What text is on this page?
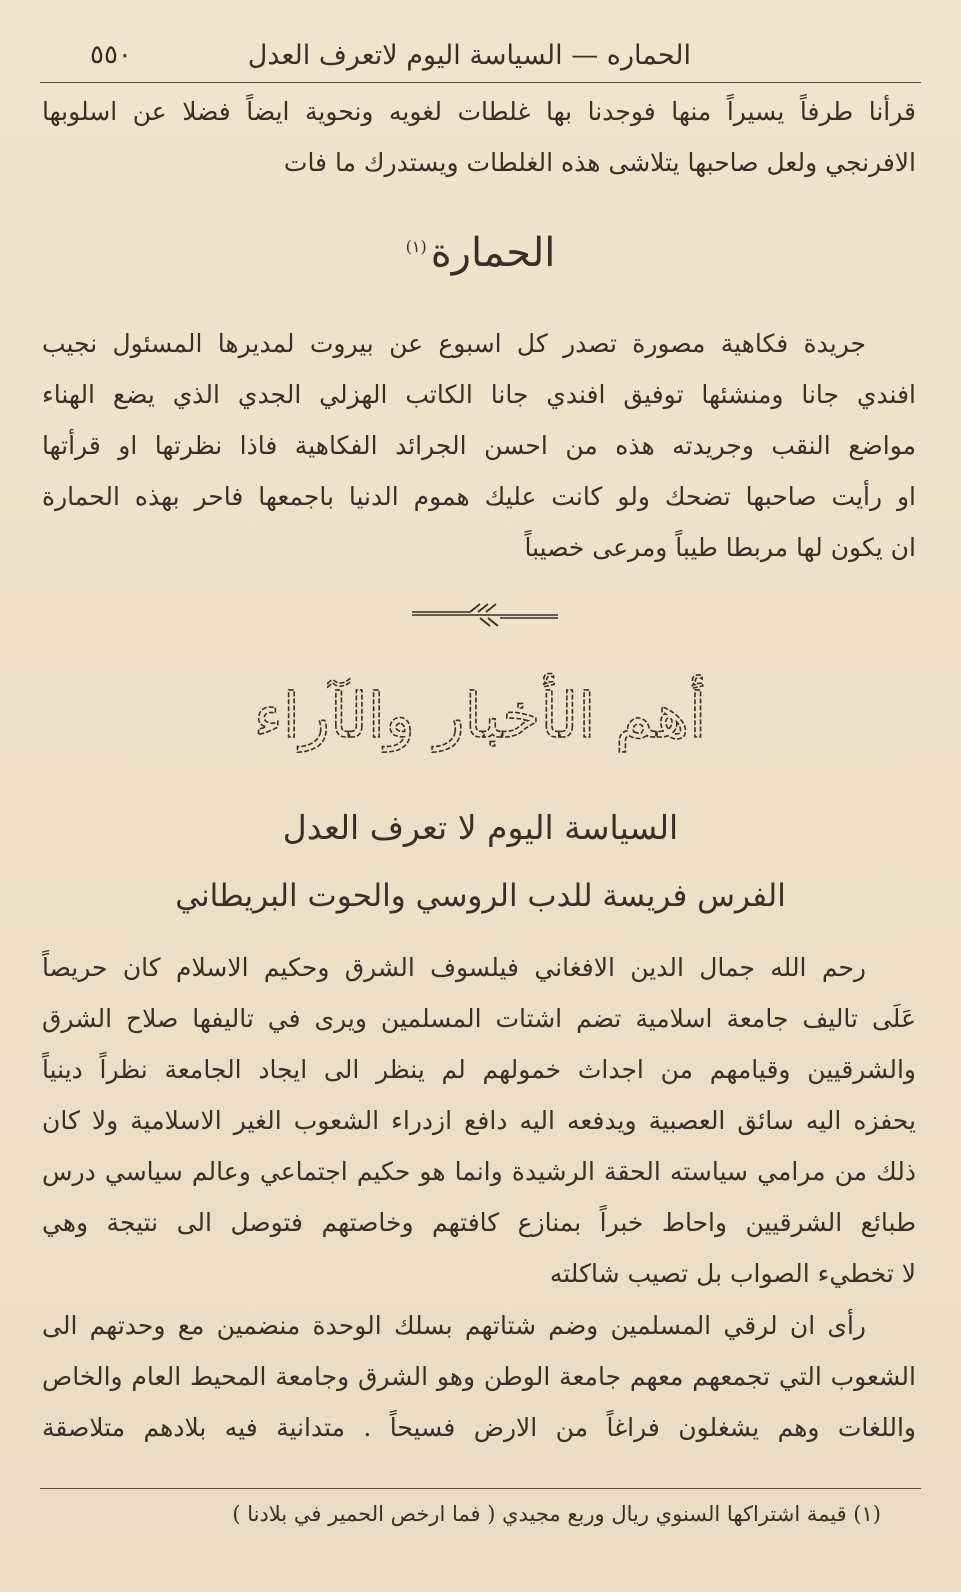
الحماره — السياسة اليوم لاتعرف العدل
٥٥٠
قرأنا طرفاً يسيراً منها فوجدنا بها غلطات لغويه ونحوية ايضاً فضلا عن اسلوبها
الافرنجي ولعل صاحبها يتلاشى هذه الغلطات ويستدرك ما فات
الحمارة$^{(١)}$
جريدة فكاهية مصورة تصدر كل اسبوع عن بيروت لمديرها المسئول نجيب
افندي جانا ومنشئها توفيق افندي جانا الكاتب الهزلي الجدي الذي يضع الهناء
مواضع النقب وجريدته هذه من احسن الجرائد الفكاهية فاذا نظرتها او قرأتها
او رأيت صاحبها تضحك ولو كانت عليك هموم الدنيا باجمعها فاحر بهذه الحمارة
ان يكون لها مربطا طيباً ومرعى خصيباً
أهم الأخبار والآراء
السياسة اليوم لا تعرف العدل
الفرس فريسة للدب الروسي والحوت البريطاني
رحم الله جمال الدين الافغاني فيلسوف الشرق وحكيم الاسلام كان حريصاً
عَلَى تاليف جامعة اسلامية تضم اشتات المسلمين ويرى في تاليفها صلاح الشرق
والشرقيين وقيامهم من اجداث خمولهم لم ينظر الى ايجاد الجامعة نظراً دينياً
يحفزه اليه سائق العصبية ويدفعه اليه دافع ازدراء الشعوب الغير الاسلامية ولا كان
ذلك من مرامي سياسته الحقة الرشيدة وانما هو حكيم اجتماعي وعالم سياسي درس
طبائع الشرقيين واحاط خبراً بمنازع كافتهم وخاصتهم فتوصل الى نتيجة وهي
لا تخطيء الصواب بل تصيب شاكلته
رأى ان لرقي المسلمين وضم شتاتهم بسلك الوحدة منضمين مع وحدتهم الى
الشعوب التي تجمعهم معهم جامعة الوطن وهو الشرق وجامعة المحيط العام والخاص
واللغات وهم يشغلون فراغاً من الارض فسيحاً . متدانية فيه بلادهم متلاصقة
(١) قيمة اشتراكها السنوي ريال وربع مجيدي ( فما ارخص الحمير في بلادنا )
